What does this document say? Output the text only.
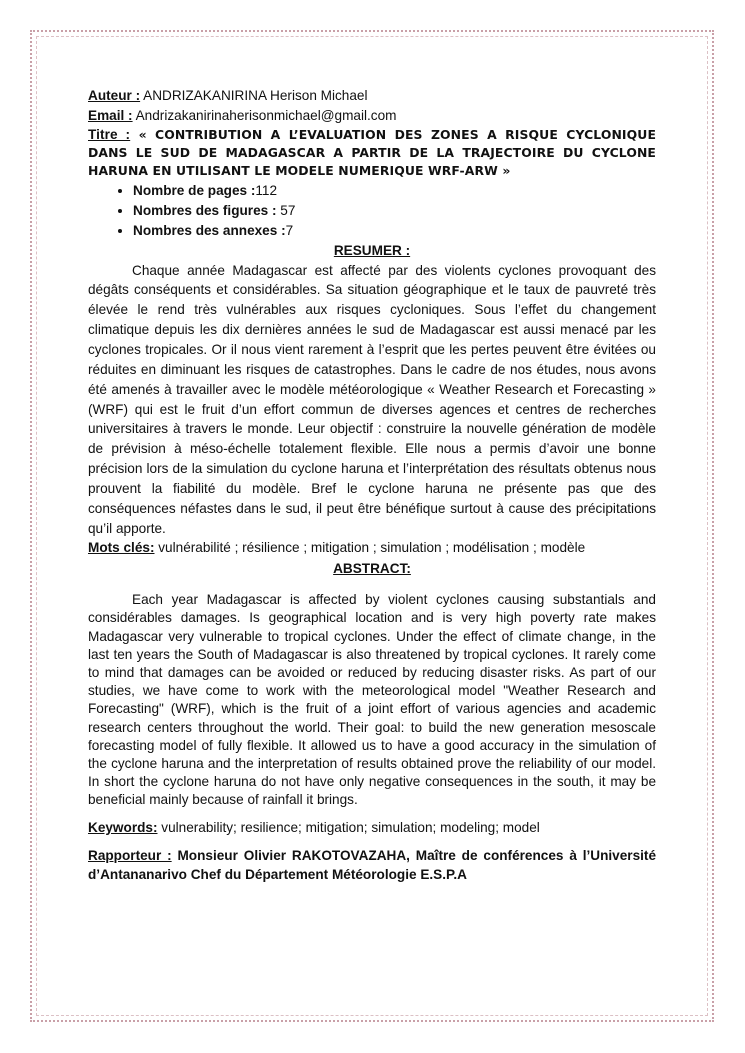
Auteur : ANDRIZAKANIRINA Herison Michael

Email : Andrizakanirinaherisonmichael@gmail.com

Titre : « CONTRIBUTION A L’EVALUATION DES ZONES A RISQUE CYCLONIQUE DANS LE SUD DE MADAGASCAR A PARTIR DE LA TRAJECTOIRE DU CYCLONE HARUNA EN UTILISANT LE MODELE NUMERIQUE WRF-ARW »

• Nombre de pages :112
• Nombres des figures : 57
• Nombres des annexes :7

RESUMER :

Chaque année Madagascar est affecté par des violents cyclones provoquant des dégâts conséquents et considérables. Sa situation géographique et le taux de pauvreté très élevée le rend très vulnérables aux risques cycloniques. Sous l’effet du changement climatique depuis les dix dernières années le sud de Madagascar est aussi menacé par les cyclones tropicales. Or il nous vient rarement à l’esprit que les pertes peuvent être évitées ou réduites en diminuant les risques de catastrophes. Dans le cadre de nos études, nous avons été amenés à travailler avec le modèle météorologique « Weather Research et Forecasting » (WRF) qui est le fruit d’un effort commun de diverses agences et centres de recherches universitaires à travers le monde. Leur objectif : construire la nouvelle génération de modèle de prévision à méso-échelle totalement flexible. Elle nous a permis d’avoir une bonne précision lors de la simulation du cyclone haruna et l’interprétation des résultats obtenus nous prouvent la fiabilité du modèle. Bref le cyclone haruna ne présente pas que des conséquences néfastes dans le sud, il peut être bénéfique surtout à cause des précipitations qu’il apporte.

Mots clés: vulnérabilité ; résilience ; mitigation ; simulation ; modélisation ; modèle

ABSTRACT:

Each year Madagascar is affected by violent cyclones causing substantials and considérables damages. Is geographical location and is very high poverty rate makes Madagascar very vulnerable to tropical cyclones. Under the effect of climate change, in the last ten years the South of Madagascar is also threatened by tropical cyclones. It rarely come to mind that damages can be avoided or reduced by reducing disaster risks. As part of our studies, we have come to work with the meteorological model "Weather Research and Forecasting" (WRF), which is the fruit of a joint effort of various agencies and academic research centers throughout the world. Their goal: to build the new generation mesoscale forecasting model of fully flexible. It allowed us to have a good accuracy in the simulation of the cyclone haruna and the interpretation of results obtained prove the reliability of our model. In short the cyclone haruna do not have only negative consequences in the south, it may be beneficial mainly because of rainfall it brings.

Keywords: vulnerability; resilience; mitigation; simulation; modeling; model

Rapporteur : Monsieur Olivier RAKOTOVAZAHA, Maître de conférences à l’Université d’Antananarivo Chef du Département Météorologie E.S.P.A
